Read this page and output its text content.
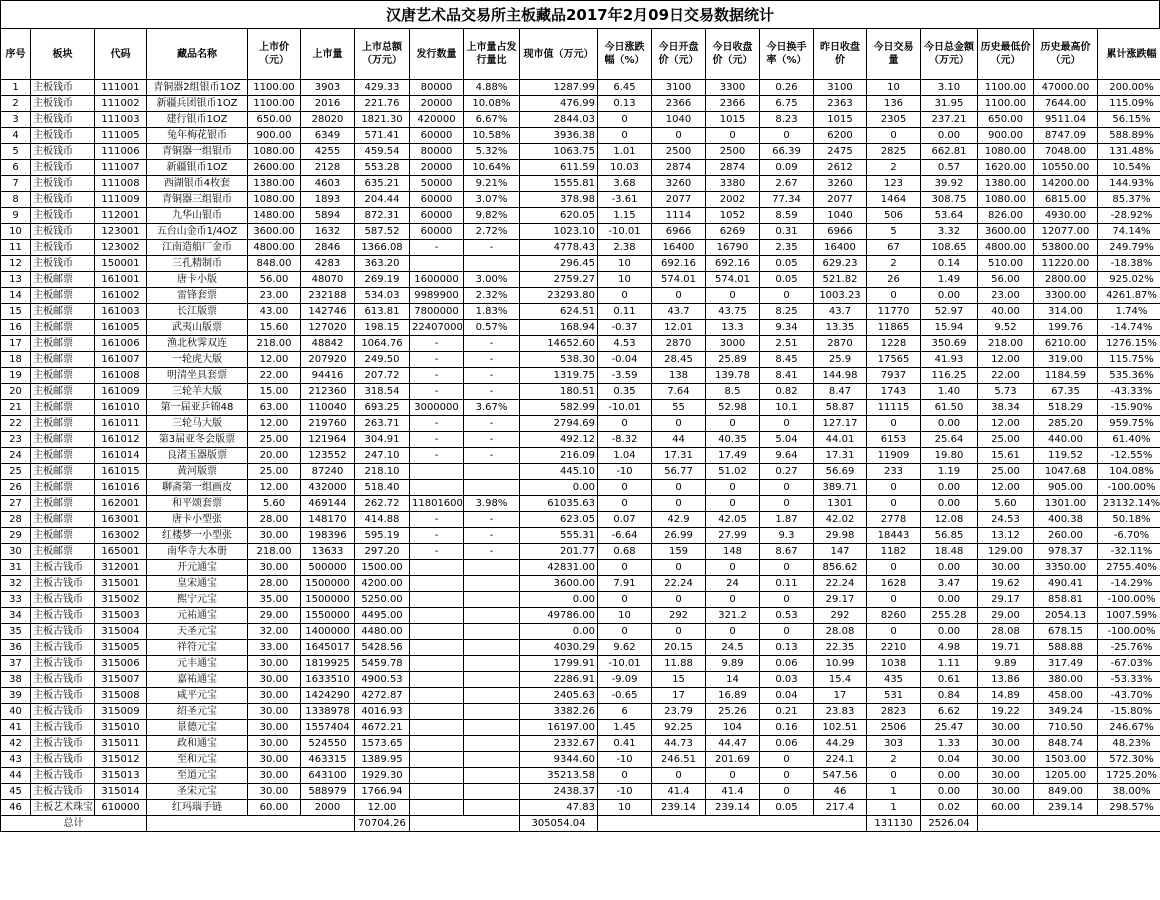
汉唐艺术品交易所主板藏品2017年2月09日交易数据统计
序号	板块	代码	藏品名称	上市价（元）	上市量	上市总额（万元）	发行数量	上市量占发行量比	现市值（万元）	今日涨跌幅（%）	今日开盘价（元）	今日收盘价（元）	今日换手率（%）	昨日收盘价	今日交易量	今日总金额（万元）	历史最低价（元）	历史最高价（元）	累计涨跌幅
1	主板钱币	111001	青铜器2组银币1OZ	1100.00	3903	429.33	80000	4.88%	1287.99	6.45	3100	3300	0.26	3100	10	3.10	1100.00	47000.00	200.00%
2	主板钱币	111002	新疆兵团银币1OZ	1100.00	2016	221.76	20000	10.08%	476.99	0.13	2366	2366	6.75	2363	136	31.95	1100.00	7644.00	115.09%
3	主板钱币	111003	建行银币1OZ	650.00	28020	1821.30	420000	6.67%	2844.03	0	1040	1015	8.23	1015	2305	237.21	650.00	9511.04	56.15%
4	主板钱币	111005	兔年梅花银币	900.00	6349	571.41	60000	10.58%	3936.38	0	0	0	0	6200	0	0.00	900.00	8747.09	588.89%
5	主板钱币	111006	青铜器一组银币	1080.00	4255	459.54	80000	5.32%	1063.75	1.01	2500	2500	66.39	2475	2825	662.81	1080.00	7048.00	131.48%
6	主板钱币	111007	新疆银币1OZ	2600.00	2128	553.28	20000	10.64%	611.59	10.03	2874	2874	0.09	2612	2	0.57	1620.00	10550.00	10.54%
7	主板钱币	111008	西湖银币4枚套	1380.00	4603	635.21	50000	9.21%	1555.81	3.68	3260	3380	2.67	3260	123	39.92	1380.00	14200.00	144.93%
8	主板钱币	111009	青铜器三组银币	1080.00	1893	204.44	60000	3.07%	378.98	-3.61	2077	2002	77.34	2077	1464	308.75	1080.00	6815.00	85.37%
9	主板钱币	112001	九华山银币	1480.00	5894	872.31	60000	9.82%	620.05	1.15	1114	1052	8.59	1040	506	53.64	826.00	4930.00	-28.92%
10	主板钱币	123001	五台山金币1/4OZ	3600.00	1632	587.52	60000	2.72%	1023.10	-10.01	6966	6269	0.31	6966	5	3.32	3600.00	12077.00	74.14%
11	主板钱币	123002	江南造船厂金币	4800.00	2846	1366.08	-	-	4778.43	2.38	16400	16790	2.35	16400	67	108.65	4800.00	53800.00	249.79%
12	主板钱币	150001	三孔精制币	848.00	4283	363.20			296.45	10	692.16	692.16	0.05	629.23	2	0.14	510.00	11220.00	-18.38%
13	主板邮票	161001	唐卡小版	56.00	48070	269.19	1600000	3.00%	2759.27	10	574.01	574.01	0.05	521.82	26	1.49	56.00	2800.00	925.02%
14	主板邮票	161002	雷锋套票	23.00	232188	534.03	9989900	2.32%	23293.80	0	0	0	0	1003.23	0	0.00	23.00	3300.00	4261.87%
15	主板邮票	161003	长江版票	43.00	142746	613.81	7800000	1.83%	624.51	0.11	43.7	43.75	8.25	43.7	11770	52.97	40.00	314.00	1.74%
16	主板邮票	161005	武夷山版票	15.60	127020	198.15	22407000	0.57%	168.94	-0.37	12.01	13.3	9.34	13.35	11865	15.94	9.52	199.76	-14.74%
17	主板邮票	161006	渔北秋霁双连	218.00	48842	1064.76	-	-	14652.60	4.53	2870	3000	2.51	2870	1228	350.69	218.00	6210.00	1276.15%
18	主板邮票	161007	一轮虎大版	12.00	207920	249.50	-	-	538.30	-0.04	28.45	25.89	8.45	25.9	17565	41.93	12.00	319.00	115.75%
19	主板邮票	161008	明清坐具套票	22.00	94416	207.72	-	-	1319.75	-3.59	138	139.78	8.41	144.98	7937	116.25	22.00	1184.59	535.36%
20	主板邮票	161009	三轮羊大版	15.00	212360	318.54	-	-	180.51	0.35	7.64	8.5	0.82	8.47	1743	1.40	5.73	67.35	-43.33%
21	主板邮票	161010	第一届亚乒锦48	63.00	110040	693.25	3000000	3.67%	582.99	-10.01	55	52.98	10.1	58.87	11115	61.50	38.34	518.29	-15.90%
22	主板邮票	161011	三轮马大版	12.00	219760	263.71	-	-	2794.69	0	0	0	0	127.17	0	0.00	12.00	285.20	959.75%
23	主板邮票	161012	第3届亚冬会版票	25.00	121964	304.91	-	-	492.12	-8.32	44	40.35	5.04	44.01	6153	25.64	25.00	440.00	61.40%
24	主板邮票	161014	良渚玉器版票	20.00	123552	247.10	-	-	216.09	1.04	17.31	17.49	9.64	17.31	11909	19.80	15.61	119.52	-12.55%
25	主板邮票	161015	黄河版票	25.00	87240	218.10			445.10	-10	56.77	51.02	0.27	56.69	233	1.19	25.00	1047.68	104.08%
26	主板邮票	161016	聊斋第一组画皮	12.00	432000	518.40			0.00	0	0	0	0	389.71	0	0.00	12.00	905.00	-100.00%
27	主板邮票	162001	和平颂套票	5.60	469144	262.72	11801600	3.98%	61035.63	0	0	0	0	1301	0	0.00	5.60	1301.00	23132.14%
28	主板邮票	163001	唐卡小型张	28.00	148170	414.88	-	-	623.05	0.07	42.9	42.05	1.87	42.02	2778	12.08	24.53	400.38	50.18%
29	主板邮票	163002	红楼梦一小型张	30.00	198396	595.19	-	-	555.31	-6.64	26.99	27.99	9.3	29.98	18443	56.85	13.12	260.00	-6.70%
30	主板邮票	165001	南华寺大本册	218.00	13633	297.20	-	-	201.77	0.68	159	148	8.67	147	1182	18.48	129.00	978.37	-32.11%
31	主板古钱币	312001	开元通宝	30.00	500000	1500.00			42831.00	0	0	0	0	856.62	0	0.00	30.00	3350.00	2755.40%
32	主板古钱币	315001	皇宋通宝	28.00	1500000	4200.00			3600.00	7.91	22.24	24	0.11	22.24	1628	3.47	19.62	490.41	-14.29%
33	主板古钱币	315002	熙宁元宝	35.00	1500000	5250.00			0.00	0	0	0	0	29.17	0	0.00	29.17	858.81	-100.00%
34	主板古钱币	315003	元祐通宝	29.00	1550000	4495.00			49786.00	10	292	321.2	0.53	292	8260	255.28	29.00	2054.13	1007.59%
35	主板古钱币	315004	天圣元宝	32.00	1400000	4480.00			0.00	0	0	0	0	28.08	0	0.00	28.08	678.15	-100.00%
36	主板古钱币	315005	祥符元宝	33.00	1645017	5428.56			4030.29	9.62	20.15	24.5	0.13	22.35	2210	4.98	19.71	588.88	-25.76%
37	主板古钱币	315006	元丰通宝	30.00	1819925	5459.78			1799.91	-10.01	11.88	9.89	0.06	10.99	1038	1.11	9.89	317.49	-67.03%
38	主板古钱币	315007	嘉祐通宝	30.00	1633510	4900.53			2286.91	-9.09	15	14	0.03	15.4	435	0.61	13.86	380.00	-53.33%
39	主板古钱币	315008	咸平元宝	30.00	1424290	4272.87			2405.63	-0.65	17	16.89	0.04	17	531	0.84	14.89	458.00	-43.70%
40	主板古钱币	315009	绍圣元宝	30.00	1338978	4016.93			3382.26	6	23.79	25.26	0.21	23.83	2823	6.62	19.22	349.24	-15.80%
41	主板古钱币	315010	景德元宝	30.00	1557404	4672.21			16197.00	1.45	92.25	104	0.16	102.51	2506	25.47	30.00	710.50	246.67%
42	主板古钱币	315011	政和通宝	30.00	524550	1573.65			2332.67	0.41	44.73	44.47	0.06	44.29	303	1.33	30.00	848.74	48.23%
43	主板古钱币	315012	至和元宝	30.00	463315	1389.95			9344.60	-10	246.51	201.69	0	224.1	2	0.04	30.00	1503.00	572.30%
44	主板古钱币	315013	至道元宝	30.00	643100	1929.30			35213.58	0	0	0	0	547.56	0	0.00	30.00	1205.00	1725.20%
45	主板古钱币	315014	圣宋元宝	30.00	588979	1766.94			2438.37	-10	41.4	41.4	0	46	1	0.00	30.00	849.00	38.00%
46	主板艺术珠宝	610000	红玛瑙手链	60.00	2000	12.00			47.83	10	239.14	239.14	0.05	217.4	1	0.02	60.00	239.14	298.57%
总计						70704.26			305054.04						131130	2526.04			
